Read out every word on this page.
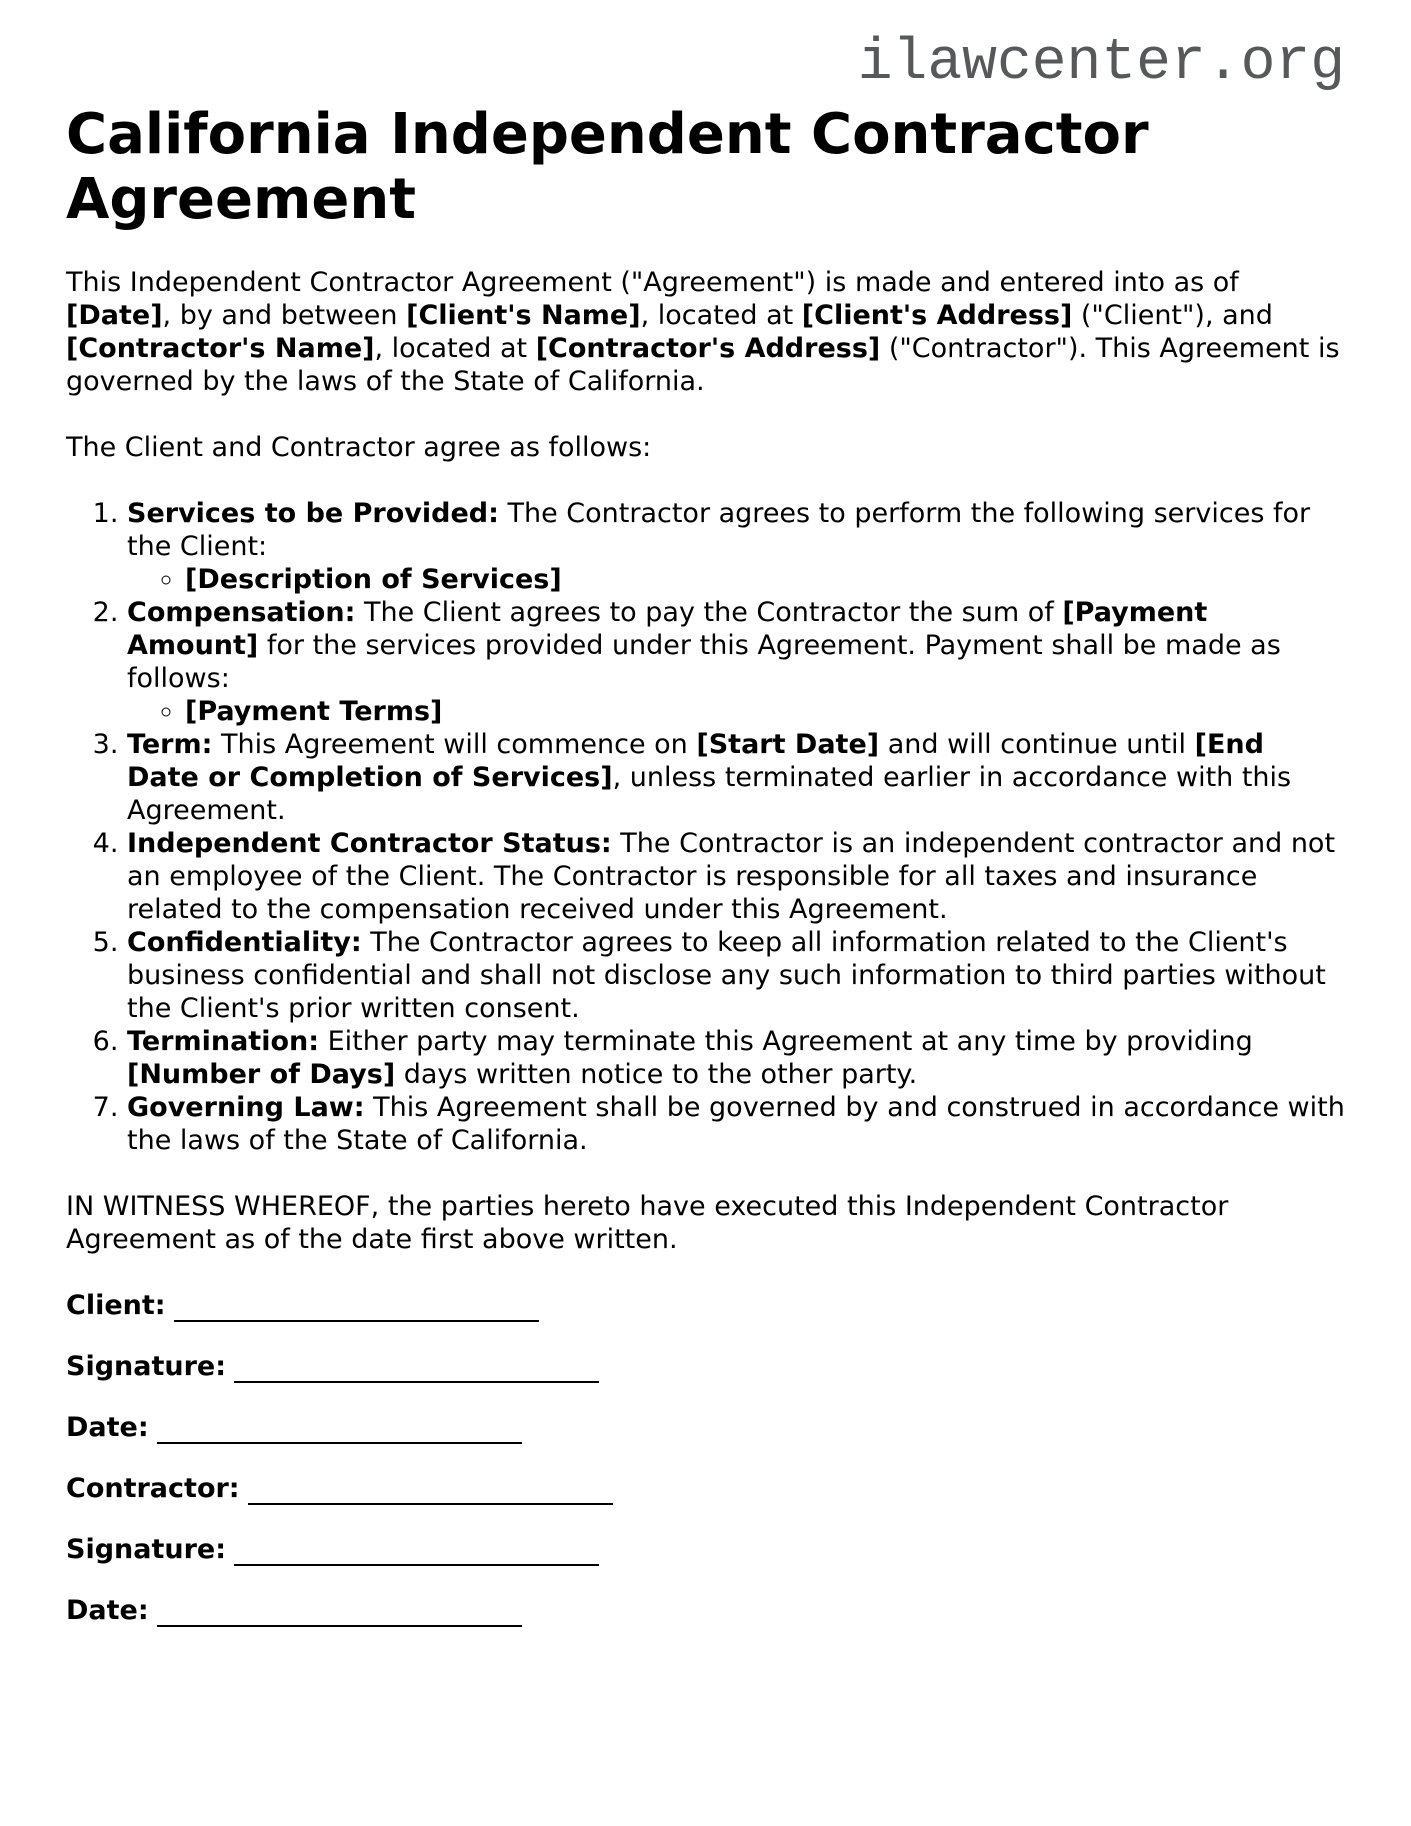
ilawcenter.org
California Independent Contractor Agreement

This Independent Contractor Agreement ("Agreement") is made and entered into as of [Date], by and between [Client's Name], located at [Client's Address] ("Client"), and [Contractor's Name], located at [Contractor's Address] ("Contractor"). This Agreement is governed by the laws of the State of California.

The Client and Contractor agree as follows:

1. Services to be Provided: The Contractor agrees to perform the following services for the Client:
◦ [Description of Services]
2. Compensation: The Client agrees to pay the Contractor the sum of [Payment Amount] for the services provided under this Agreement. Payment shall be made as follows:
◦ [Payment Terms]
3. Term: This Agreement will commence on [Start Date] and will continue until [End Date or Completion of Services], unless terminated earlier in accordance with this Agreement.
4. Independent Contractor Status: The Contractor is an independent contractor and not an employee of the Client. The Contractor is responsible for all taxes and insurance related to the compensation received under this Agreement.
5. Confidentiality: The Contractor agrees to keep all information related to the Client's business confidential and shall not disclose any such information to third parties without the Client's prior written consent.
6. Termination: Either party may terminate this Agreement at any time by providing [Number of Days] days written notice to the other party.
7. Governing Law: This Agreement shall be governed by and construed in accordance with the laws of the State of California.

IN WITNESS WHEREOF, the parties hereto have executed this Independent Contractor Agreement as of the date first above written.

Client:
Signature:
Date:
Contractor:
Signature:
Date:
